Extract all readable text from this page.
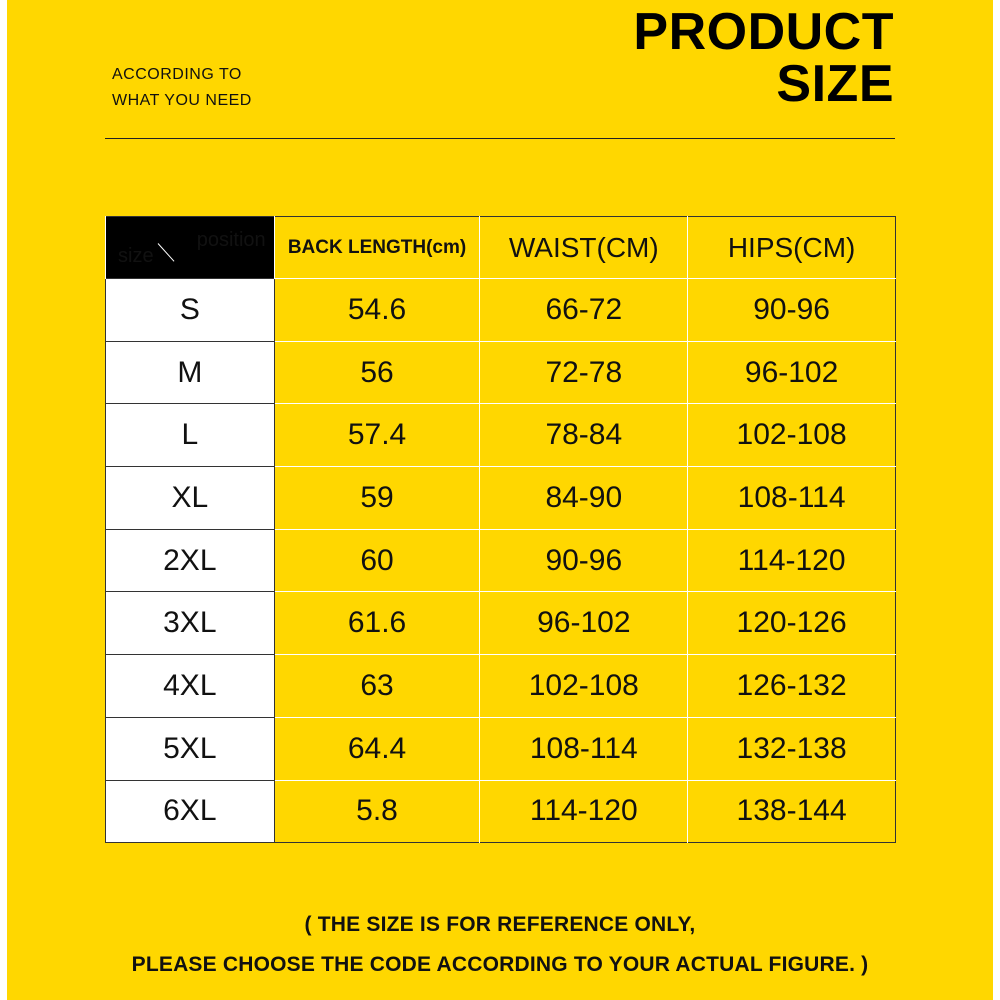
ACCORDING TO
WHAT YOU NEED
PRODUCT
SIZE
position
size	BACK LENGTH(cm)	WAIST(CM)	HIPS(CM)
S	54.6	66-72	90-96
M	56	72-78	96-102
L	57.4	78-84	102-108
XL	59	84-90	108-114
2XL	60	90-96	114-120
3XL	61.6	96-102	120-126
4XL	63	102-108	126-132
5XL	64.4	108-114	132-138
6XL	5.8	114-120	138-144
( THE SIZE IS FOR REFERENCE ONLY,
PLEASE CHOOSE THE CODE ACCORDING TO YOUR ACTUAL FIGURE. )
